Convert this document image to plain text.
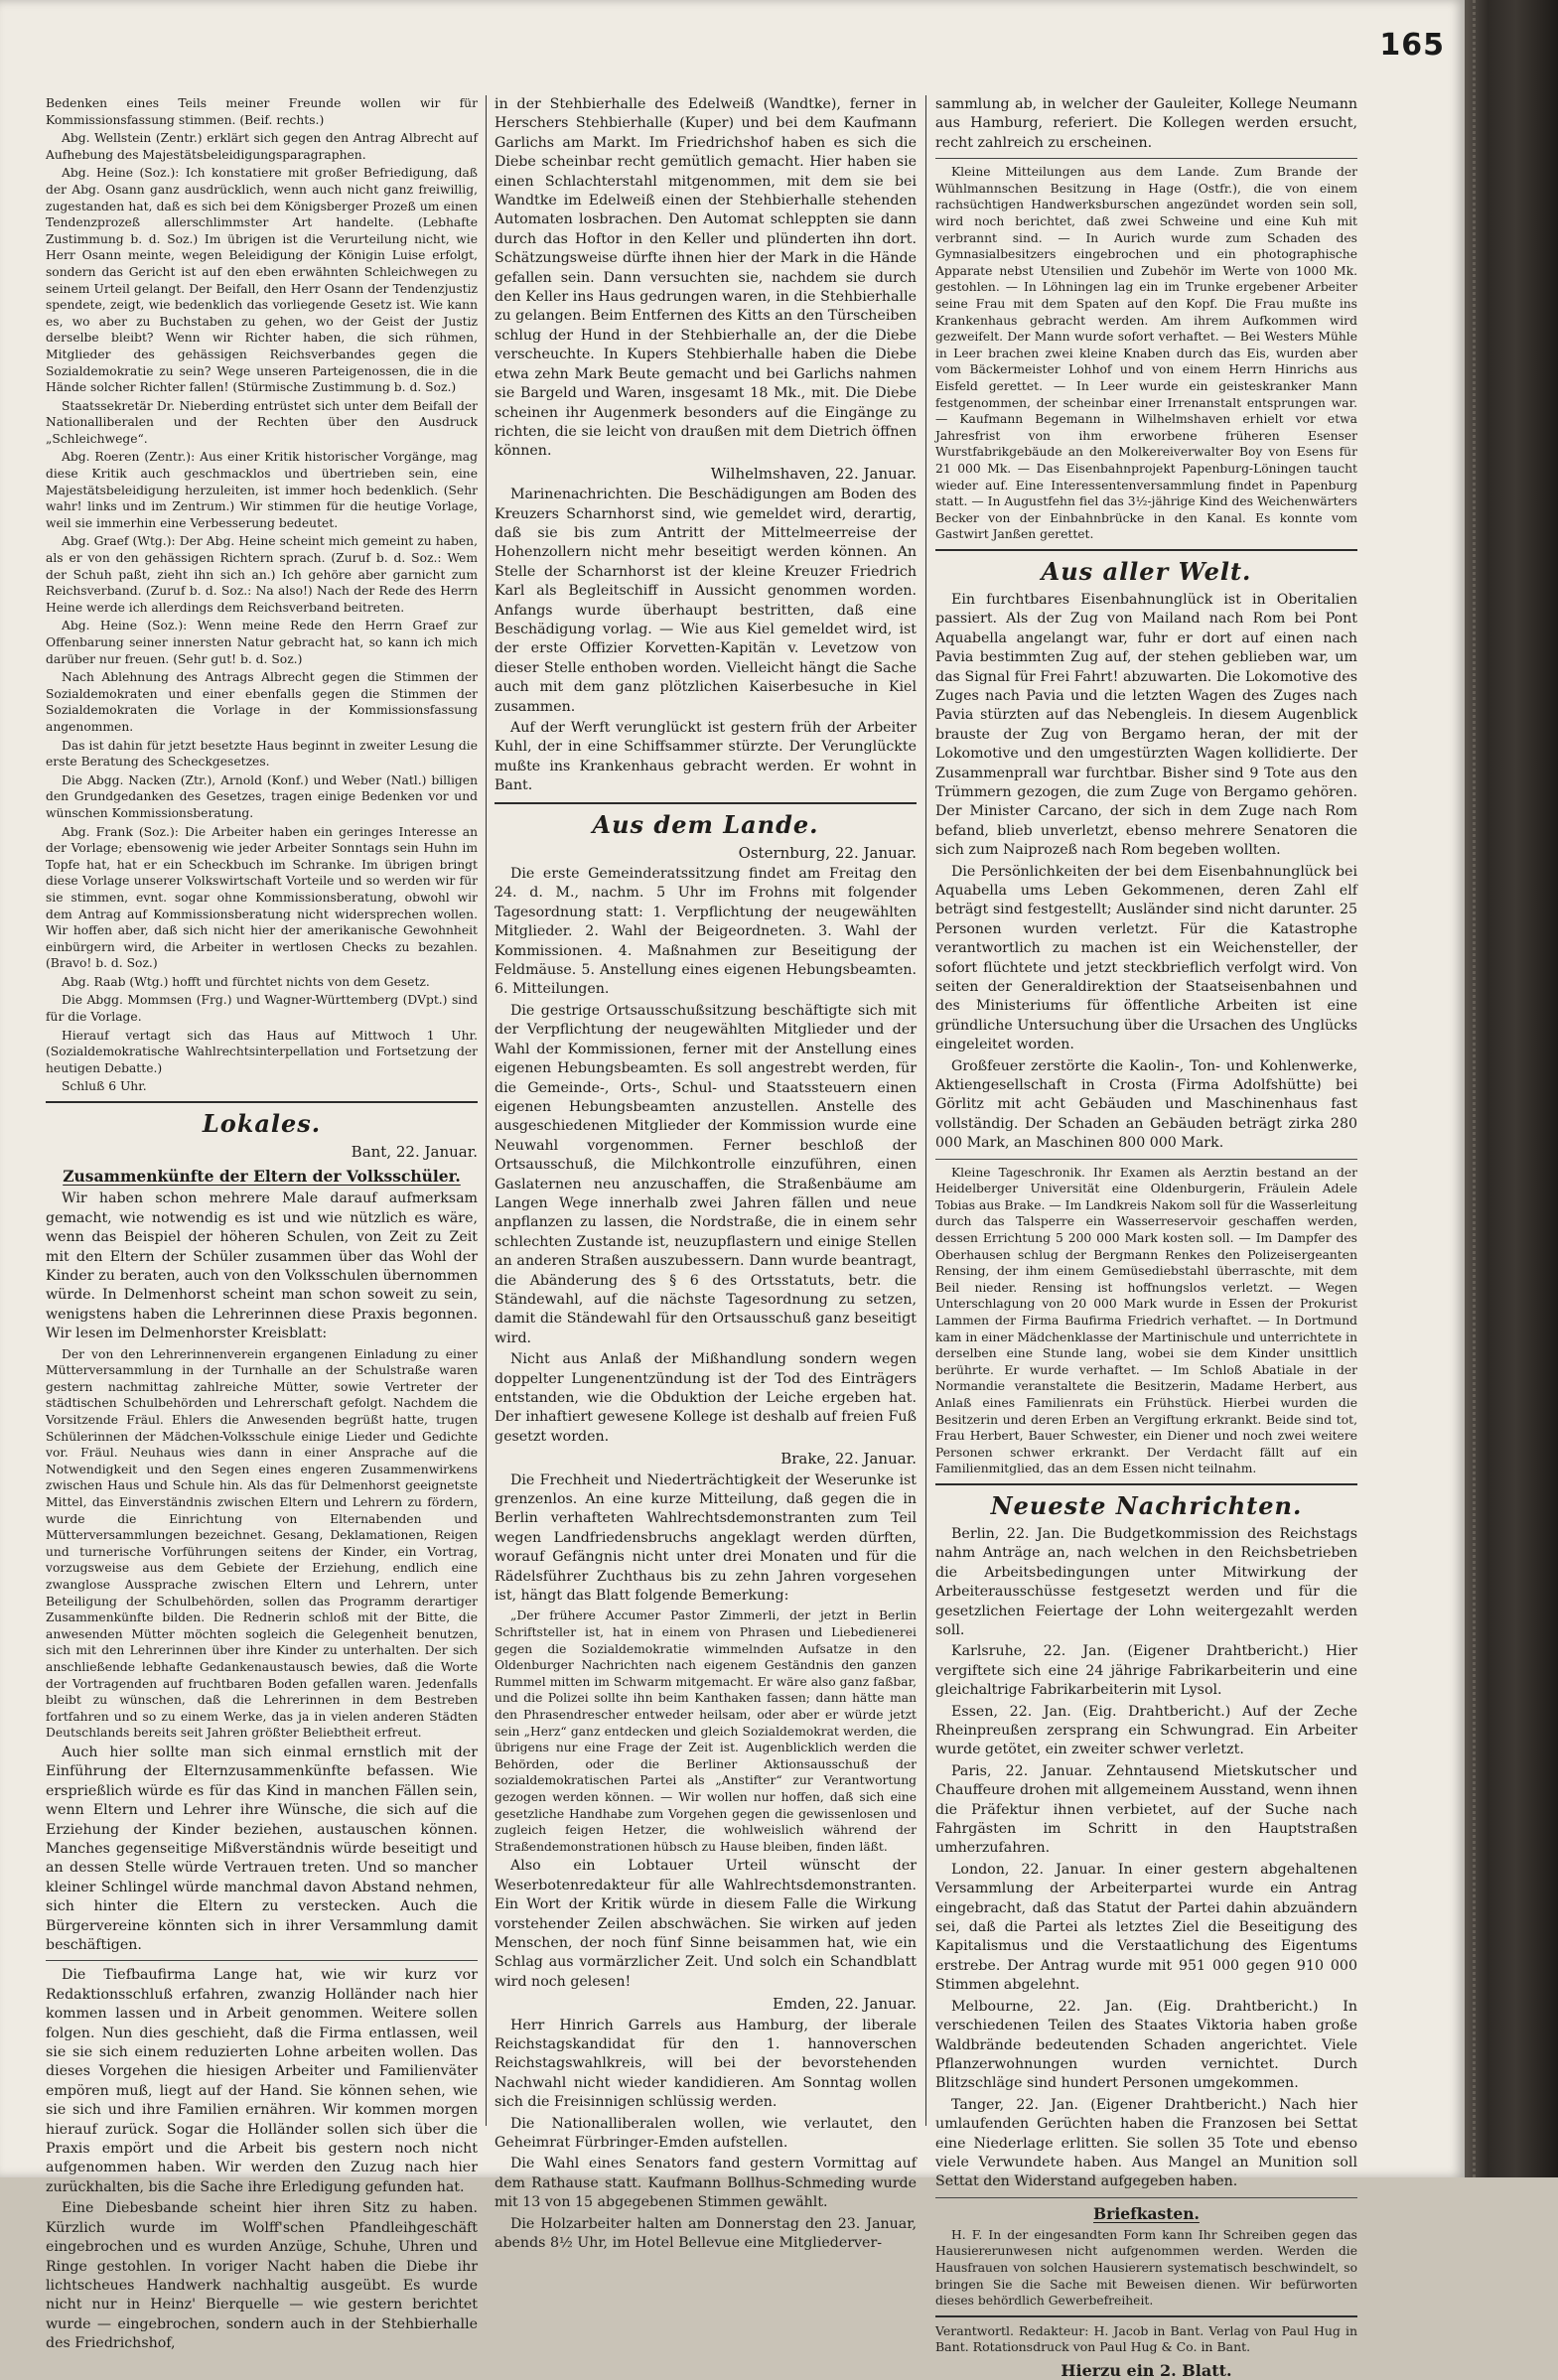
165

Bedenken eines Teils meiner Freunde wollen wir für Kommissionsfassung stimmen. (Beif. rechts.)

Abg. Wellstein (Zentr.) erklärt sich gegen den Antrag Albrecht auf Aufhebung des Majestätsbeleidigungsparagraphen.

Abg. Heine (Soz.): Ich konstatiere mit großer Befriedigung, daß der Abg. Osann ganz ausdrücklich, wenn auch nicht ganz freiwillig, zugestanden hat, daß es sich bei dem Königsberger Prozeß um einen Tendenzprozeß allerschlimmster Art handelte. (Lebhafte Zustimmung b. d. Soz.) Im übrigen ist die Verurteilung nicht, wie Herr Osann meinte, wegen Beleidigung der Königin Luise erfolgt, sondern das Gericht ist auf den eben erwähnten Schleichwegen zu seinem Urteil gelangt. Der Beifall, den Herr Osann der Tendenzjustiz spendete, zeigt, wie bedenklich das vorliegende Gesetz ist. Wie kann es, wo aber zu Buchstaben zu gehen, wo der Geist der Justiz derselbe bleibt? Wenn wir Richter haben, die sich rühmen, Mitglieder des gehässigen Reichsverbandes gegen die Sozialdemokratie zu sein? Wege unseren Parteigenossen, die in die Hände solcher Richter fallen! (Stürmische Zustimmung b. d. Soz.)

Staatssekretär Dr. Nieberding entrüstet sich unter dem Beifall der Nationalliberalen und der Rechten über den Ausdruck „Schleichwege“.

Abg. Roeren (Zentr.): Aus einer Kritik historischer Vorgänge, mag diese Kritik auch geschmacklos und übertrieben sein, eine Majestätsbeleidigung herzuleiten, ist immer hoch bedenklich. (Sehr wahr! links und im Zentrum.) Wir stimmen für die heutige Vorlage, weil sie immerhin eine Verbesserung bedeutet.

Abg. Graef (Wtg.): Der Abg. Heine scheint mich gemeint zu haben, als er von den gehässigen Richtern sprach. (Zuruf b. d. Soz.: Wem der Schuh paßt, zieht ihn sich an.) Ich gehöre aber garnicht zum Reichsverband. (Zuruf b. d. Soz.: Na also!) Nach der Rede des Herrn Heine werde ich allerdings dem Reichsverband beitreten.

Abg. Heine (Soz.): Wenn meine Rede den Herrn Graef zur Offenbarung seiner innersten Natur gebracht hat, so kann ich mich darüber nur freuen. (Sehr gut! b. d. Soz.)

Nach Ablehnung des Antrags Albrecht gegen die Stimmen der Sozialdemokraten und einer ebenfalls gegen die Stimmen der Sozialdemokraten die Vorlage in der Kommissionsfassung angenommen.

Das ist dahin für jetzt besetzte Haus beginnt in zweiter Lesung die erste Beratung des Scheckgesetzes.

Die Abgg. Nacken (Ztr.), Arnold (Konf.) und Weber (Natl.) billigen den Grundgedanken des Gesetzes, tragen einige Bedenken vor und wünschen Kommissionsberatung.

Abg. Frank (Soz.): Die Arbeiter haben ein geringes Interesse an der Vorlage; ebensowenig wie jeder Arbeiter Sonntags sein Huhn im Topfe hat, hat er ein Scheckbuch im Schranke. Im übrigen bringt diese Vorlage unserer Volkswirtschaft Vorteile und so werden wir für sie stimmen, evnt. sogar ohne Kommissionsberatung, obwohl wir dem Antrag auf Kommissionsberatung nicht widersprechen wollen. Wir hoffen aber, daß sich nicht hier der amerikanische Gewohnheit einbürgern wird, die Arbeiter in wertlosen Checks zu bezahlen. (Bravo! b. d. Soz.)

Abg. Raab (Wtg.) hofft und fürchtet nichts von dem Gesetz.

Die Abgg. Mommsen (Frg.) und Wagner-Württemberg (DVpt.) sind für die Vorlage.

Hierauf vertagt sich das Haus auf Mittwoch 1 Uhr. (Sozialdemokratische Wahlrechtsinterpellation und Fortsetzung der heutigen Debatte.)

Schluß 6 Uhr.

Lokales.
Bant, 22. Januar.
Zusammenkünfte der Eltern der Volksschüler.

Wir haben schon mehrere Male darauf aufmerksam gemacht, wie notwendig es ist und wie nützlich es wäre, wenn das Beispiel der höheren Schulen, von Zeit zu Zeit mit den Eltern der Schüler zusammen über das Wohl der Kinder zu beraten, auch von den Volksschulen übernommen würde. In Delmenhorst scheint man schon soweit zu sein, wenigstens haben die Lehrerinnen diese Praxis begonnen. Wir lesen im Delmenhorster Kreisblatt:

Der von den Lehrerinnenverein ergangenen Einladung zu einer Mütterversammlung in der Turnhalle an der Schulstraße waren gestern nachmittag zahlreiche Mütter, sowie Vertreter der städtischen Schulbehörden und Lehrerschaft gefolgt. Nachdem die Vorsitzende Fräul. Ehlers die Anwesenden begrüßt hatte, trugen Schülerinnen der Mädchen-Volksschule einige Lieder und Gedichte vor. Fräul. Neuhaus wies dann in einer Ansprache auf die Notwendigkeit und den Segen eines engeren Zusammenwirkens zwischen Haus und Schule hin. Als das für Delmenhorst geeignetste Mittel, das Einverständnis zwischen Eltern und Lehrern zu fördern, wurde die Einrichtung von Elternabenden und Mütterversammlungen bezeichnet. Gesang, Deklamationen, Reigen und turnerische Vorführungen seitens der Kinder, ein Vortrag, vorzugsweise aus dem Gebiete der Erziehung, endlich eine zwanglose Aussprache zwischen Eltern und Lehrern, unter Beteiligung der Schulbehörden, sollen das Programm derartiger Zusammenkünfte bilden. Die Rednerin schloß mit der Bitte, die anwesenden Mütter möchten sogleich die Gelegenheit benutzen, sich mit den Lehrerinnen über ihre Kinder zu unterhalten. Der sich anschließende lebhafte Gedankenaustausch bewies, daß die Worte der Vortragenden auf fruchtbaren Boden gefallen waren. Jedenfalls bleibt zu wünschen, daß die Lehrerinnen in dem Bestreben fortfahren und so zu einem Werke, das ja in vielen anderen Städten Deutschlands bereits seit Jahren größter Beliebtheit erfreut.

Auch hier sollte man sich einmal ernstlich mit der Einführung der Elternzusammenkünfte befassen. Wie ersprießlich würde es für das Kind in manchen Fällen sein, wenn Eltern und Lehrer ihre Wünsche, die sich auf die Erziehung der Kinder beziehen, austauschen können. Manches gegenseitige Mißverständnis würde beseitigt und an dessen Stelle würde Vertrauen treten. Und so mancher kleiner Schlingel würde manchmal davon Abstand nehmen, sich hinter die Eltern zu verstecken. Auch die Bürgervereine könnten sich in ihrer Versammlung damit beschäftigen.

Die Tiefbaufirma Lange hat, wie wir kurz vor Redaktionsschluß erfahren, zwanzig Holländer nach hier kommen lassen und in Arbeit genommen. Weitere sollen folgen. Nun dies geschieht, daß die Firma entlassen, weil sie sie sich einem reduzierten Lohne arbeiten wollen. Das dieses Vorgehen die hiesigen Arbeiter und Familienväter empören muß, liegt auf der Hand. Sie können sehen, wie sie sich und ihre Familien ernähren. Wir kommen morgen hierauf zurück. Sogar die Holländer sollen sich über die Praxis empört und die Arbeit bis gestern noch nicht aufgenommen haben. Wir werden den Zuzug nach hier zurückhalten, bis die Sache ihre Erledigung gefunden hat.

Eine Diebesbande scheint hier ihren Sitz zu haben. Kürzlich wurde im Wolff'schen Pfandleihgeschäft eingebrochen und es wurden Anzüge, Schuhe, Uhren und Ringe gestohlen. In voriger Nacht haben die Diebe ihr lichtscheues Handwerk nachhaltig ausgeübt. Es wurde nicht nur in Heinz' Bierquelle — wie gestern berichtet wurde — eingebrochen, sondern auch in der Stehbierhalle des Friedrichshof,

in der Stehbierhalle des Edelweiß (Wandtke), ferner in Herschers Stehbierhalle (Kuper) und bei dem Kaufmann Garlichs am Markt. Im Friedrichshof haben es sich die Diebe scheinbar recht gemütlich gemacht. Hier haben sie einen Schlachterstahl mitgenommen, mit dem sie bei Wandtke im Edelweiß einen der Stehbierhalle stehenden Automaten losbrachen. Den Automat schleppten sie dann durch das Hoftor in den Keller und plünderten ihn dort. Schätzungsweise dürfte ihnen hier der Mark in die Hände gefallen sein. Dann versuchten sie, nachdem sie durch den Keller ins Haus gedrungen waren, in die Stehbierhalle zu gelangen. Beim Entfernen des Kitts an den Türscheiben schlug der Hund in der Stehbierhalle an, der die Diebe verscheuchte. In Kupers Stehbierhalle haben die Diebe etwa zehn Mark Beute gemacht und bei Garlichs nahmen sie Bargeld und Waren, insgesamt 18 Mk., mit. Die Diebe scheinen ihr Augenmerk besonders auf die Eingänge zu richten, die sie leicht von draußen mit dem Dietrich öffnen können.

Wilhelmshaven, 22. Januar.

Marinenachrichten. Die Beschädigungen am Boden des Kreuzers Scharnhorst sind, wie gemeldet wird, derartig, daß sie bis zum Antritt der Mittelmeerreise der Hohenzollern nicht mehr beseitigt werden können. An Stelle der Scharnhorst ist der kleine Kreuzer Friedrich Karl als Begleitschiff in Aussicht genommen worden. Anfangs wurde überhaupt bestritten, daß eine Beschädigung vorlag. — Wie aus Kiel gemeldet wird, ist der erste Offizier Korvetten-Kapitän v. Levetzow von dieser Stelle enthoben worden. Vielleicht hängt die Sache auch mit dem ganz plötzlichen Kaiserbesuche in Kiel zusammen.

Auf der Werft verunglückt ist gestern früh der Arbeiter Kuhl, der in eine Schiffsammer stürzte. Der Verunglückte mußte ins Krankenhaus gebracht werden. Er wohnt in Bant.

Aus dem Lande.
Osternburg, 22. Januar.

Die erste Gemeinderatssitzung findet am Freitag den 24. d. M., nachm. 5 Uhr im Frohns mit folgender Tagesordnung statt: 1. Verpflichtung der neugewählten Mitglieder. 2. Wahl der Beigeordneten. 3. Wahl der Kommissionen. 4. Maßnahmen zur Beseitigung der Feldmäuse. 5. Anstellung eines eigenen Hebungsbeamten. 6. Mitteilungen.

Die gestrige Ortsausschußsitzung beschäftigte sich mit der Verpflichtung der neugewählten Mitglieder und der Wahl der Kommissionen, ferner mit der Anstellung eines eigenen Hebungsbeamten. Es soll angestrebt werden, für die Gemeinde-, Orts-, Schul- und Staatssteuern einen eigenen Hebungsbeamten anzustellen. Anstelle des ausgeschiedenen Mitglieder der Kommission wurde eine Neuwahl vorgenommen. Ferner beschloß der Ortsausschuß, die Milchkontrolle einzuführen, einen Gaslaternen neu anzuschaffen, die Straßenbäume am Langen Wege innerhalb zwei Jahren fällen und neue anpflanzen zu lassen, die Nordstraße, die in einem sehr schlechten Zustande ist, neuzupflastern und einige Stellen an anderen Straßen auszubessern. Dann wurde beantragt, die Abänderung des § 6 des Ortsstatuts, betr. die Ständewahl, auf die nächste Tagesordnung zu setzen, damit die Ständewahl für den Ortsausschuß ganz beseitigt wird.

Nicht aus Anlaß der Mißhandlung sondern wegen doppelter Lungenentzündung ist der Tod des Einträgers entstanden, wie die Obduktion der Leiche ergeben hat. Der inhaftiert gewesene Kollege ist deshalb auf freien Fuß gesetzt worden.

Brake, 22. Januar.

Die Frechheit und Niederträchtigkeit der Weserunke ist grenzenlos. An eine kurze Mitteilung, daß gegen die in Berlin verhafteten Wahlrechtsdemonstranten zum Teil wegen Landfriedensbruchs angeklagt werden dürften, worauf Gefängnis nicht unter drei Monaten und für die Rädelsführer Zuchthaus bis zu zehn Jahren vorgesehen ist, hängt das Blatt folgende Bemerkung:

„Der frühere Accumer Pastor Zimmerli, der jetzt in Berlin Schriftsteller ist, hat in einem von Phrasen und Liebedienerei gegen die Sozialdemokratie wimmelnden Aufsatze in den Oldenburger Nachrichten nach eigenem Geständnis den ganzen Rummel mitten im Schwarm mitgemacht. Er wäre also ganz faßbar, und die Polizei sollte ihn beim Kanthaken fassen; dann hätte man den Phrasendrescher entweder heilsam, oder aber er würde jetzt sein „Herz“ ganz entdecken und gleich Sozialdemokrat werden, die übrigens nur eine Frage der Zeit ist. Augenblicklich werden die Behörden, oder die Berliner Aktionsausschuß der sozialdemokratischen Partei als „Anstifter“ zur Verantwortung gezogen werden können. — Wir wollen nur hoffen, daß sich eine gesetzliche Handhabe zum Vorgehen gegen die gewissenlosen und zugleich feigen Hetzer, die wohlweislich während der Straßendemonstrationen hübsch zu Hause bleiben, finden läßt.

Also ein Lobtauer Urteil wünscht der Weserbotenredakteur für alle Wahlrechtsdemonstranten. Ein Wort der Kritik würde in diesem Falle die Wirkung vorstehender Zeilen abschwächen. Sie wirken auf jeden Menschen, der noch fünf Sinne beisammen hat, wie ein Schlag aus vormärzlicher Zeit. Und solch ein Schandblatt wird noch gelesen!

Emden, 22. Januar.

Herr Hinrich Garrels aus Hamburg, der liberale Reichstagskandidat für den 1. hannoverschen Reichstagswahlkreis, will bei der bevorstehenden Nachwahl nicht wieder kandidieren. Am Sonntag wollen sich die Freisinnigen schlüssig werden.

Die Nationalliberalen wollen, wie verlautet, den Geheimrat Fürbringer-Emden aufstellen.

Die Wahl eines Senators fand gestern Vormittag auf dem Rathause statt. Kaufmann Bollhus-Schmeding wurde mit 13 von 15 abgegebenen Stimmen gewählt.

Die Holzarbeiter halten am Donnerstag den 23. Januar, abends 8½ Uhr, im Hotel Bellevue eine Mitgliederver-

sammlung ab, in welcher der Gauleiter, Kollege Neumann aus Hamburg, referiert. Die Kollegen werden ersucht, recht zahlreich zu erscheinen.

Kleine Mitteilungen aus dem Lande. Zum Brande der Wühlmannschen Besitzung in Hage (Ostfr.), die von einem rachsüchtigen Handwerksburschen angezündet worden sein soll, wird noch berichtet, daß zwei Schweine und eine Kuh mit verbrannt sind. — In Aurich wurde zum Schaden des Gymnasialbesitzers eingebrochen und ein photographische Apparate nebst Utensilien und Zubehör im Werte von 1000 Mk. gestohlen. — In Löhningen lag ein im Trunke ergebener Arbeiter seine Frau mit dem Spaten auf den Kopf. Die Frau mußte ins Krankenhaus gebracht werden. Am ihrem Aufkommen wird gezweifelt. Der Mann wurde sofort verhaftet. — Bei Westers Mühle in Leer brachen zwei kleine Knaben durch das Eis, wurden aber vom Bäckermeister Lohhof und von einem Herrn Hinrichs aus Eisfeld gerettet. — In Leer wurde ein geisteskranker Mann festgenommen, der scheinbar einer Irrenanstalt entsprungen war. — Kaufmann Begemann in Wilhelmshaven erhielt vor etwa Jahresfrist von ihm erworbene früheren Esenser Wurstfabrikgebäude an den Molkereiverwalter Boy von Esens für 21 000 Mk. — Das Eisenbahnprojekt Papenburg-Löningen taucht wieder auf. Eine Interessentenversammlung findet in Papenburg statt. — In Augustfehn fiel das 3½-jährige Kind des Weichenwärters Becker von der Einbahnbrücke in den Kanal. Es konnte vom Gastwirt Janßen gerettet.

Aus aller Welt.

Ein furchtbares Eisenbahnunglück ist in Oberitalien passiert. Als der Zug von Mailand nach Rom bei Pont Aquabella angelangt war, fuhr er dort auf einen nach Pavia bestimmten Zug auf, der stehen geblieben war, um das Signal für Frei Fahrt! abzuwarten. Die Lokomotive des Zuges nach Pavia und die letzten Wagen des Zuges nach Pavia stürzten auf das Nebengleis. In diesem Augenblick brauste der Zug von Bergamo heran, der mit der Lokomotive und den umgestürzten Wagen kollidierte. Der Zusammenprall war furchtbar. Bisher sind 9 Tote aus den Trümmern gezogen, die zum Zuge von Bergamo gehören. Der Minister Carcano, der sich in dem Zuge nach Rom befand, blieb unverletzt, ebenso mehrere Senatoren die sich zum Naiprozeß nach Rom begeben wollten.

Die Persönlichkeiten der bei dem Eisenbahnunglück bei Aquabella ums Leben Gekommenen, deren Zahl elf beträgt sind festgestellt; Ausländer sind nicht darunter. 25 Personen wurden verletzt. Für die Katastrophe verantwortlich zu machen ist ein Weichensteller, der sofort flüchtete und jetzt steckbrieflich verfolgt wird. Von seiten der Generaldirektion der Staatseisenbahnen und des Ministeriums für öffentliche Arbeiten ist eine gründliche Untersuchung über die Ursachen des Unglücks eingeleitet worden.

Großfeuer zerstörte die Kaolin-, Ton- und Kohlenwerke, Aktiengesellschaft in Crosta (Firma Adolfshütte) bei Görlitz mit acht Gebäuden und Maschinenhaus fast vollständig. Der Schaden an Gebäuden beträgt zirka 280 000 Mark, an Maschinen 800 000 Mark.

Kleine Tageschronik. Ihr Examen als Aerztin bestand an der Heidelberger Universität eine Oldenburgerin, Fräulein Adele Tobias aus Brake. — Im Landkreis Nakom soll für die Wasserleitung durch das Talsperre ein Wasserreservoir geschaffen werden, dessen Errichtung 5 200 000 Mark kosten soll. — Im Dampfer des Oberhausen schlug der Bergmann Renkes den Polizeisergeanten Rensing, der ihm einem Gemüsediebstahl überraschte, mit dem Beil nieder. Rensing ist hoffnungslos verletzt. — Wegen Unterschlagung von 20 000 Mark wurde in Essen der Prokurist Lammen der Firma Baufirma Friedrich verhaftet. — In Dortmund kam in einer Mädchenklasse der Martinischule und unterrichtete in derselben eine Stunde lang, wobei sie dem Kinder unsittlich berührte. Er wurde verhaftet. — Im Schloß Abatiale in der Normandie veranstaltete die Besitzerin, Madame Herbert, aus Anlaß eines Familienrats ein Frühstück. Hierbei wurden die Besitzerin und deren Erben an Vergiftung erkrankt. Beide sind tot, Frau Herbert, Bauer Schwester, ein Diener und noch zwei weitere Personen schwer erkrankt. Der Verdacht fällt auf ein Familienmitglied, das an dem Essen nicht teilnahm.

Neueste Nachrichten.

Berlin, 22. Jan. Die Budgetkommission des Reichstags nahm Anträge an, nach welchen in den Reichsbetrieben die Arbeitsbedingungen unter Mitwirkung der Arbeiterausschüsse festgesetzt werden und für die gesetzlichen Feiertage der Lohn weitergezahlt werden soll.

Karlsruhe, 22. Jan. (Eigener Drahtbericht.) Hier vergiftete sich eine 24 jährige Fabrikarbeiterin und eine gleichaltrige Fabrikarbeiterin mit Lysol.

Essen, 22. Jan. (Eig. Drahtbericht.) Auf der Zeche Rheinpreußen zersprang ein Schwungrad. Ein Arbeiter wurde getötet, ein zweiter schwer verletzt.

Paris, 22. Januar. Zehntausend Mietskutscher und Chauffeure drohen mit allgemeinem Ausstand, wenn ihnen die Präfektur ihnen verbietet, auf der Suche nach Fahrgästen im Schritt in den Hauptstraßen umherzufahren.

London, 22. Januar. In einer gestern abgehaltenen Versammlung der Arbeiterpartei wurde ein Antrag eingebracht, daß das Statut der Partei dahin abzuändern sei, daß die Partei als letztes Ziel die Beseitigung des Kapitalismus und die Verstaatlichung des Eigentums erstrebe. Der Antrag wurde mit 951 000 gegen 910 000 Stimmen abgelehnt.

Melbourne, 22. Jan. (Eig. Drahtbericht.) In verschiedenen Teilen des Staates Viktoria haben große Waldbrände bedeutenden Schaden angerichtet. Viele Pflanzerwohnungen wurden vernichtet. Durch Blitzschläge sind hundert Personen umgekommen.

Tanger, 22. Jan. (Eigener Drahtbericht.) Nach hier umlaufenden Gerüchten haben die Franzosen bei Settat eine Niederlage erlitten. Sie sollen 35 Tote und ebenso viele Verwundete haben. Aus Mangel an Munition soll Settat den Widerstand aufgegeben haben.

Briefkasten.

H. F. In der eingesandten Form kann Ihr Schreiben gegen das Hausiererunwesen nicht aufgenommen werden. Werden die Hausfrauen von solchen Hausierern systematisch beschwindelt, so bringen Sie die Sache mit Beweisen dienen. Wir befürworten dieses behördlich Gewerbefreiheit.

Verantwortl. Redakteur: H. Jacob in Bant. Verlag von Paul Hug in Bant. Rotationsdruck von Paul Hug & Co. in Bant.

Hierzu ein 2. Blatt.
